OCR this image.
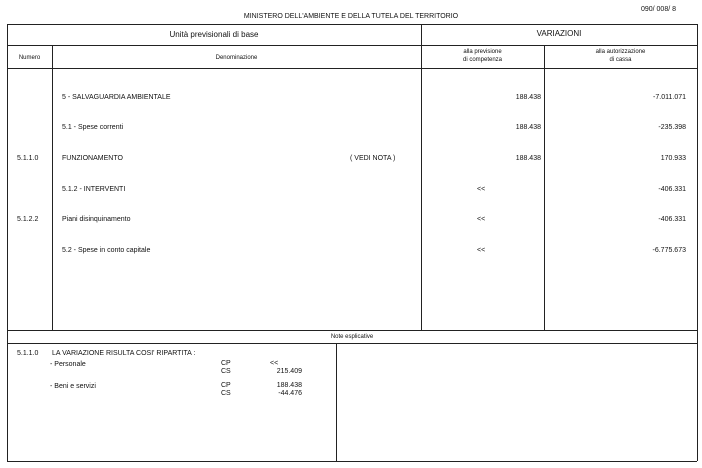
090/ 008/ 8
MINISTERO DELL'AMBIENTE E DELLA TUTELA DEL TERRITORIO
Unità previsionali di base	VARIAZIONI
Numero	Denominazione
alla previsione
di competenza
alla autorizzazione
di cassa
5 - SALVAGUARDIA AMBIENTALE	188.438	-7.011.071
5.1 - Spese correnti	188.438	-235.398
5.1.1.0	FUNZIONAMENTO	( VEDI NOTA )	188.438	170.933
5.1.2 - INTERVENTI	<<	-406.331
5.1.2.2	Piani disinquinamento	<<	-406.331
5.2 - Spese in conto capitale	<<	-6.775.673
Note esplicative
5.1.1.0 LA VARIAZIONE RISULTA COSI' RIPARTITA :
- Personale	CP	<<
CS	215.409
- Beni e servizi	CP	188.438
CS	-44.476
